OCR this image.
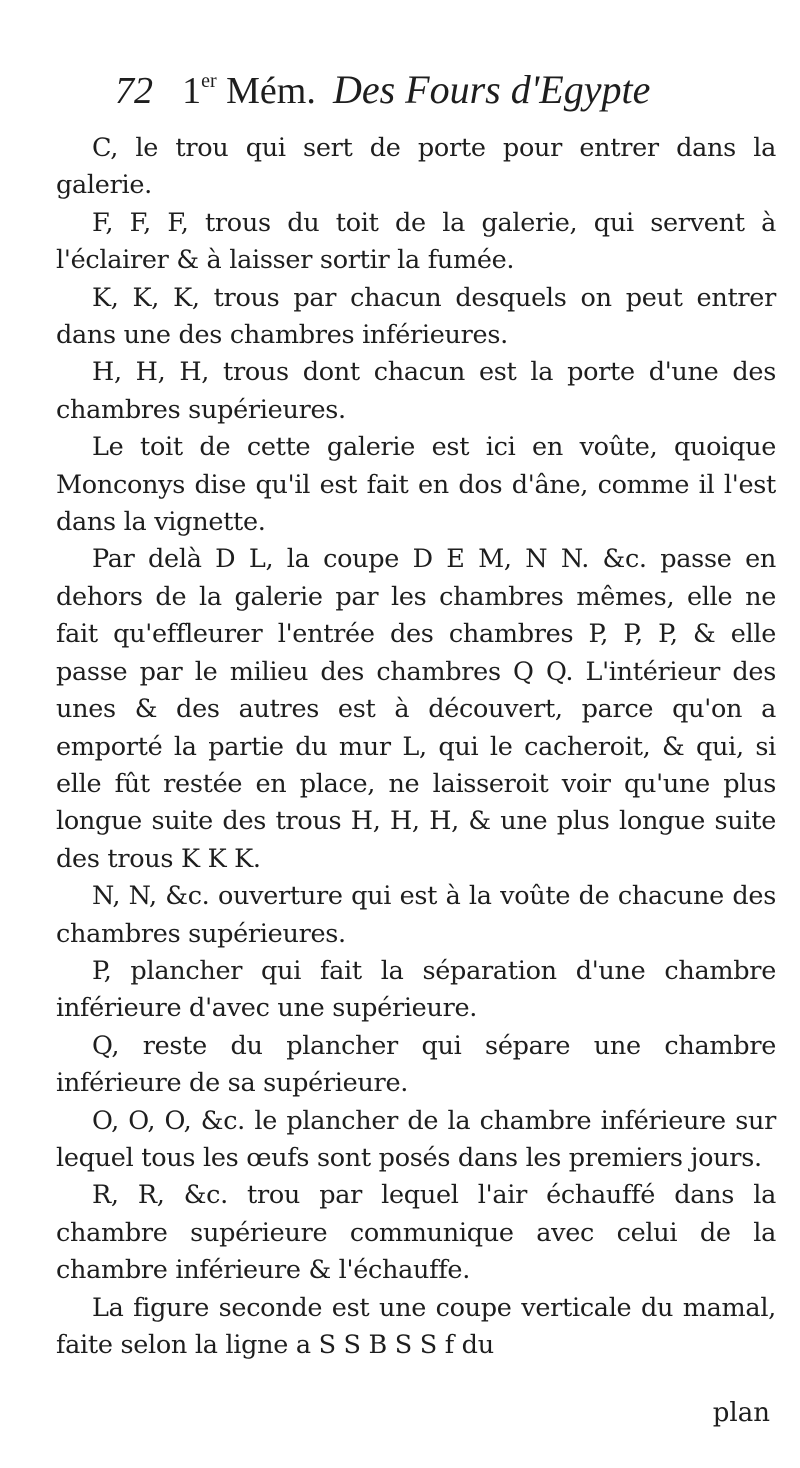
72 1er Mém. Des Fours d'Egypte

C, le trou qui sert de porte pour entrer dans la galerie.

F, F, F, trous du toit de la galerie, qui servent à l'éclairer & à laisser sortir la fumée.

K, K, K, trous par chacun desquels on peut entrer dans une des chambres inférieures.

H, H, H, trous dont chacun est la porte d'une des chambres supérieures.

Le toit de cette galerie est ici en voûte, quoique Monconys dise qu'il est fait en dos d'âne, comme il l'est dans la vignette.

Par delà D L, la coupe D E M, N N. &c. passe en dehors de la galerie par les chambres mêmes, elle ne fait qu'effleurer l'entrée des chambres P, P, P, & elle passe par le milieu des chambres Q Q. L'intérieur des unes & des autres est à découvert, parce qu'on a emporté la partie du mur L, qui le cacheroit, & qui, si elle fût restée en place, ne laisseroit voir qu'une plus longue suite des trous H, H, H, & une plus longue suite des trous K K K.

N, N, &c. ouverture qui est à la voûte de chacune des chambres supérieures.

P, plancher qui fait la séparation d'une chambre inférieure d'avec une supérieure.

Q, reste du plancher qui sépare une chambre inférieure de sa supérieure.

O, O, O, &c. le plancher de la chambre inférieure sur lequel tous les œufs sont posés dans les premiers jours.

R, R, &c. trou par lequel l'air échauffé dans la chambre supérieure communique avec celui de la chambre inférieure & l'échauffe.

La figure seconde est une coupe verticale du mamal, faite selon la ligne a S S B S S f du

plan
